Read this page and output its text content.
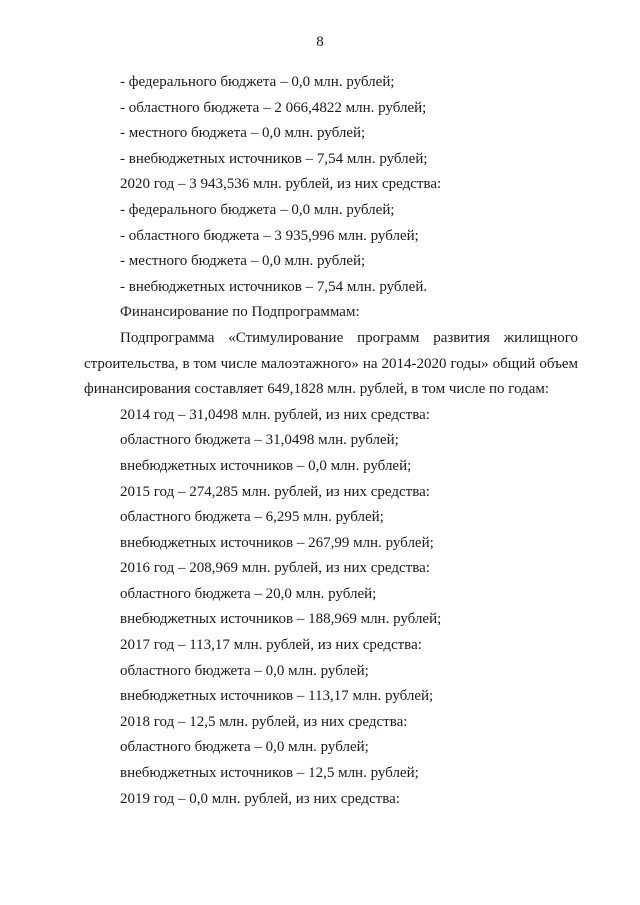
8
- федерального бюджета – 0,0 млн. рублей;
- областного бюджета – 2 066,4822 млн. рублей;
- местного бюджета – 0,0 млн. рублей;
- внебюджетных источников – 7,54 млн. рублей;
2020 год – 3 943,536 млн. рублей, из них средства:
- федерального бюджета – 0,0 млн. рублей;
- областного бюджета – 3 935,996 млн. рублей;
- местного бюджета – 0,0 млн. рублей;
- внебюджетных источников – 7,54 млн. рублей.
Финансирование по Подпрограммам:
Подпрограмма «Стимулирование программ развития жилищного строительства, в том числе малоэтажного» на 2014-2020 годы» общий объем финансирования составляет 649,1828 млн. рублей, в том числе по годам:
2014 год – 31,0498 млн. рублей, из них средства:
областного бюджета – 31,0498 млн. рублей;
внебюджетных источников – 0,0 млн. рублей;
2015 год – 274,285 млн. рублей, из них средства:
областного бюджета – 6,295 млн. рублей;
внебюджетных источников – 267,99 млн. рублей;
2016 год – 208,969 млн. рублей, из них средства:
областного бюджета – 20,0 млн. рублей;
внебюджетных источников – 188,969 млн. рублей;
2017 год – 113,17 млн. рублей, из них средства:
областного бюджета – 0,0 млн. рублей;
внебюджетных источников – 113,17 млн. рублей;
2018 год – 12,5 млн. рублей, из них средства:
областного бюджета – 0,0 млн. рублей;
внебюджетных источников – 12,5 млн. рублей;
2019 год – 0,0 млн. рублей, из них средства:
